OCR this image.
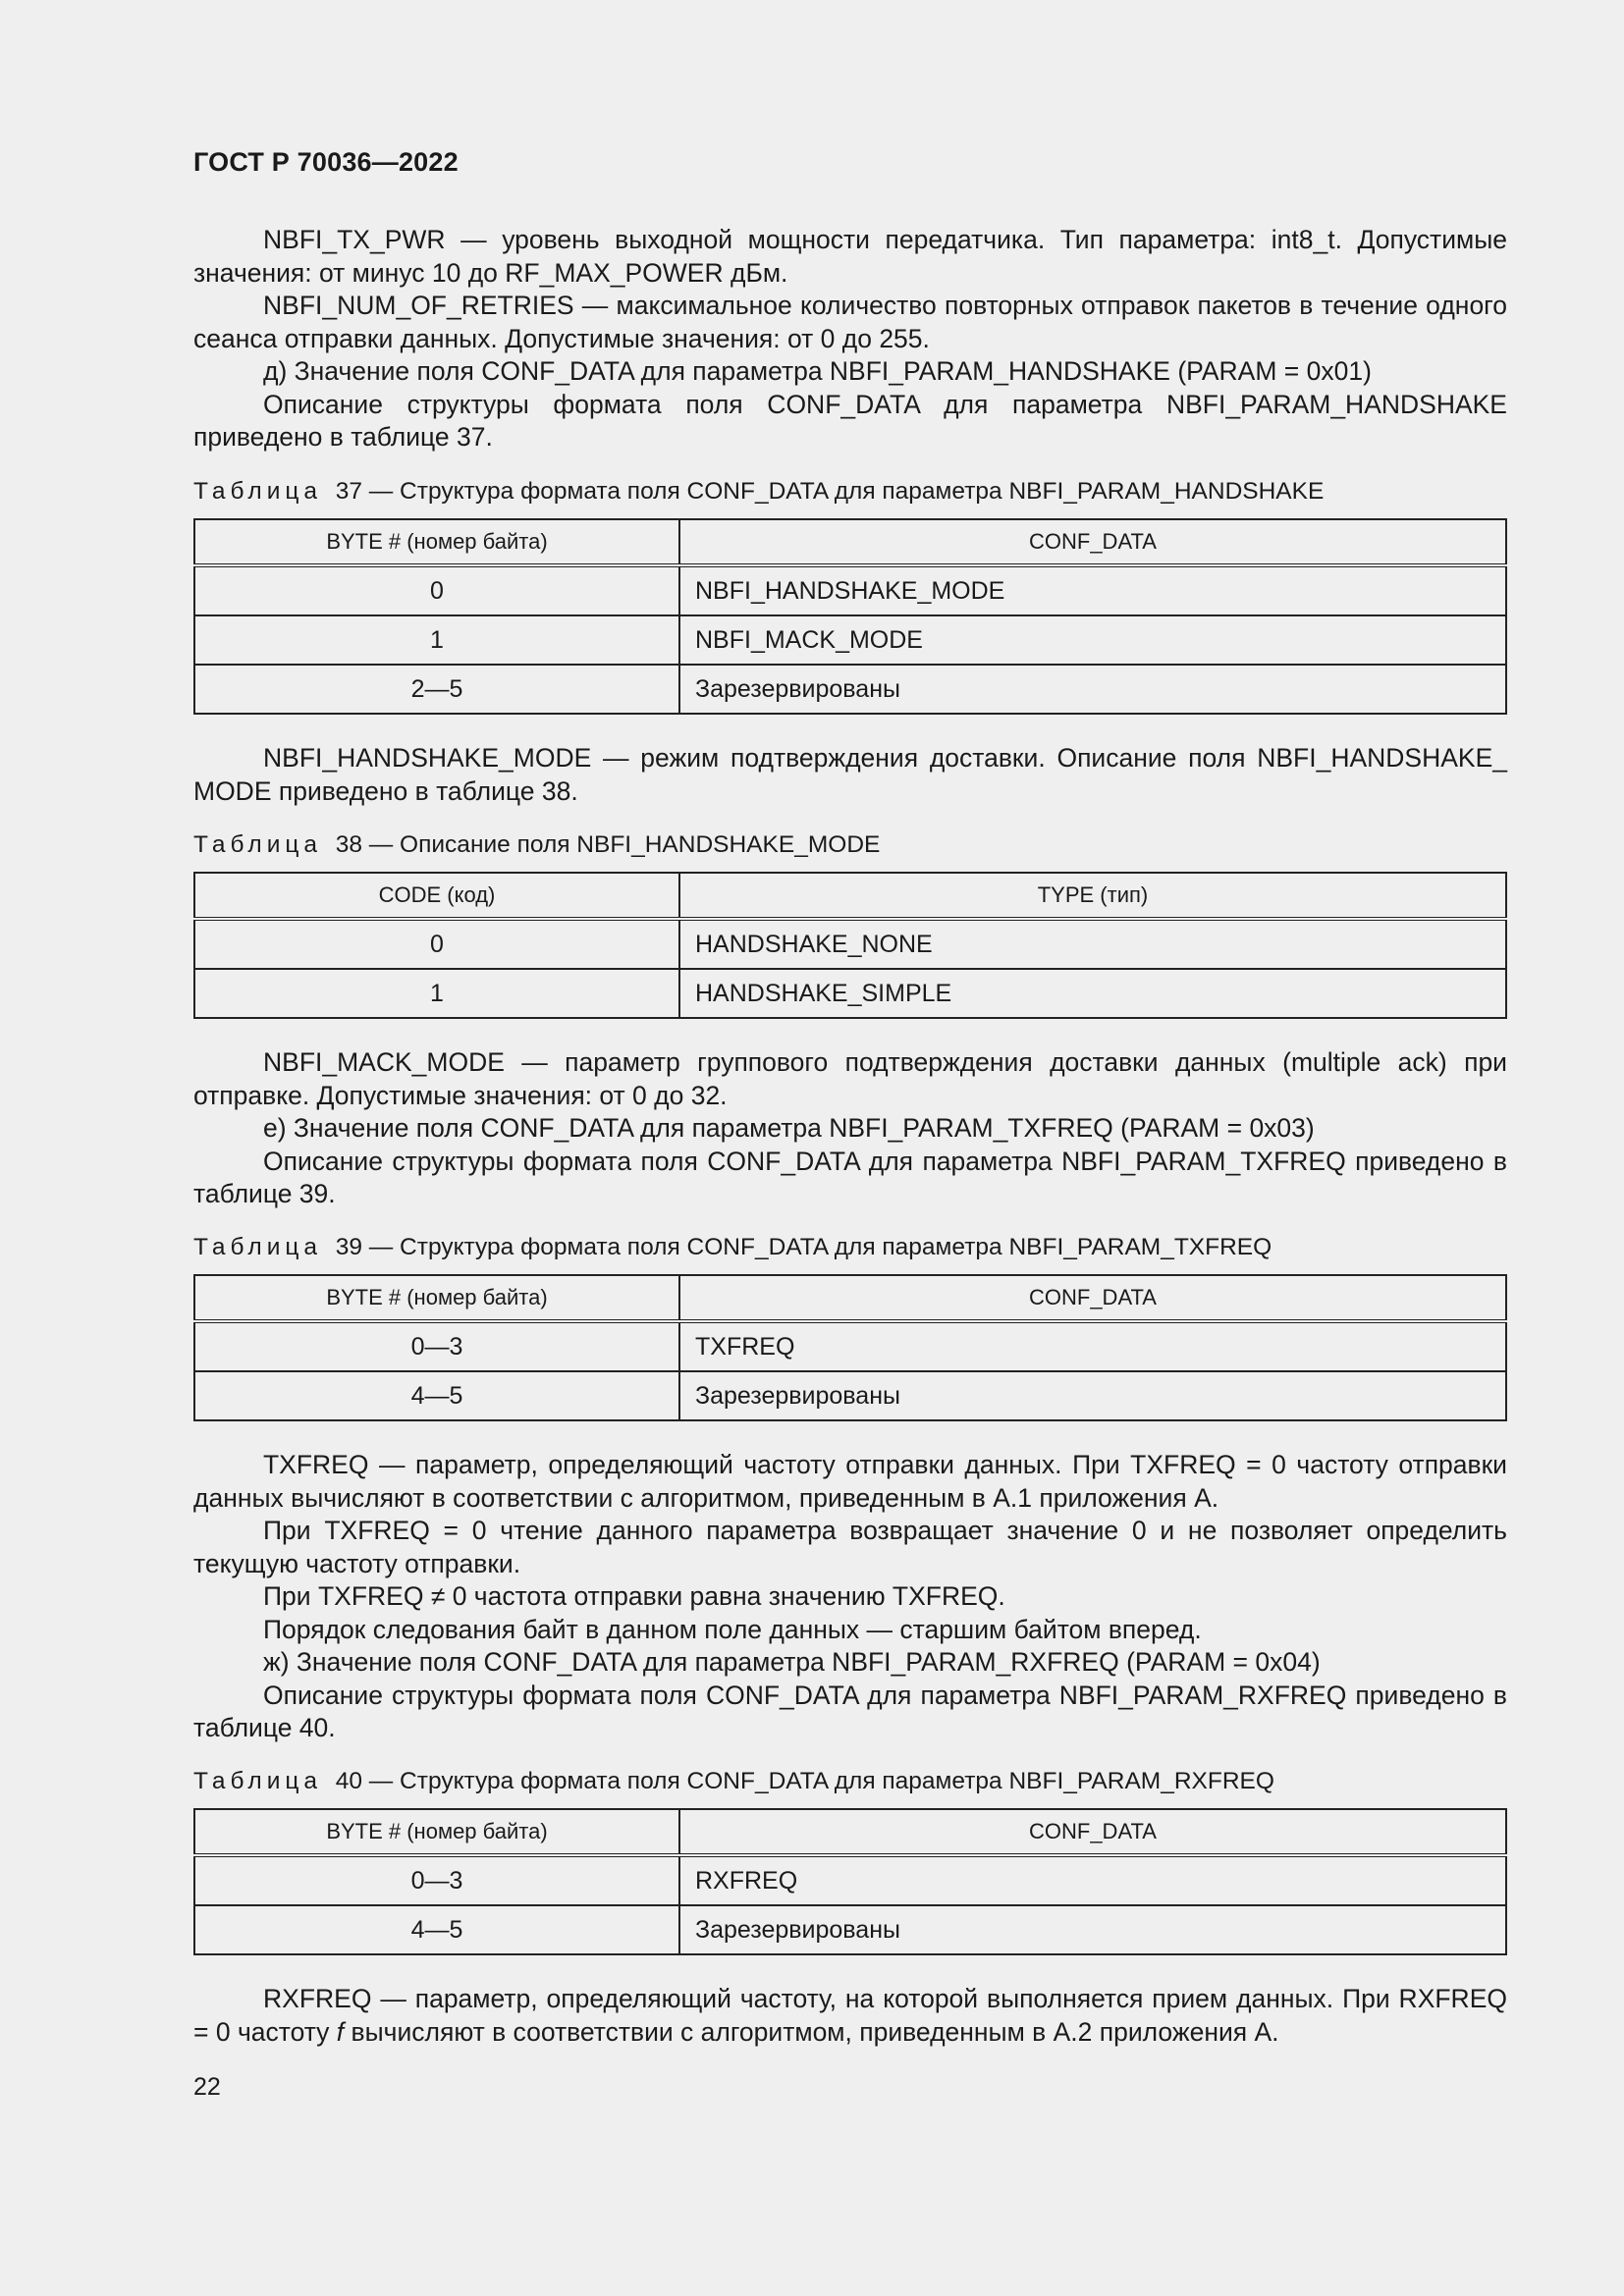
ГОСТ Р 70036—2022

NBFI_TX_PWR — уровень выходной мощности передатчика. Тип параметра: int8_t. Допустимые значения: от минус 10 до RF_MAX_POWER дБм.

NBFI_NUM_OF_RETRIES — максимальное количество повторных отправок пакетов в течение одного сеанса отправки данных. Допустимые значения: от 0 до 255.

д) Значение поля CONF_DATA для параметра NBFI_PARAM_HANDSHAKE (PARAM = 0x01)

Описание структуры формата поля CONF_DATA для параметра NBFI_PARAM_HANDSHAKE приведено в таблице 37.

Таблица 37 — Структура формата поля CONF_DATA для параметра NBFI_PARAM_HANDSHAKE
BYTE # (номер байта)	CONF_DATA
0	NBFI_HANDSHAKE_MODE
1	NBFI_MACK_MODE
2—5	Зарезервированы

NBFI_HANDSHAKE_MODE — режим подтверждения доставки. Описание поля NBFI_HANDSHAKE_ MODE приведено в таблице 38.

Таблица 38 — Описание поля NBFI_HANDSHAKE_MODE
CODE (код)	TYPE (тип)
0	HANDSHAKE_NONE
1	HANDSHAKE_SIMPLE

NBFI_MACK_MODE — параметр группового подтверждения доставки данных (multiple ack) при отправке. Допустимые значения: от 0 до 32.

е) Значение поля CONF_DATA для параметра NBFI_PARAM_TXFREQ (PARAM = 0x03)

Описание структуры формата поля CONF_DATA для параметра NBFI_PARAM_TXFREQ приведено в таблице 39.

Таблица 39 — Структура формата поля CONF_DATA для параметра NBFI_PARAM_TXFREQ
BYTE # (номер байта)	CONF_DATA
0—3	TXFREQ
4—5	Зарезервированы

TXFREQ — параметр, определяющий частоту отправки данных. При TXFREQ = 0 частоту отправки данных вычисляют в соответствии с алгоритмом, приведенным в А.1 приложения А.

При TXFREQ = 0 чтение данного параметра возвращает значение 0 и не позволяет определить текущую частоту отправки.

При TXFREQ ≠ 0 частота отправки равна значению TXFREQ.

Порядок следования байт в данном поле данных — старшим байтом вперед.

ж) Значение поля CONF_DATA для параметра NBFI_PARAM_RXFREQ (PARAM = 0x04)

Описание структуры формата поля CONF_DATA для параметра NBFI_PARAM_RXFREQ приведено в таблице 40.

Таблица 40 — Структура формата поля CONF_DATA для параметра NBFI_PARAM_RXFREQ
BYTE # (номер байта)	CONF_DATA
0—3	RXFREQ
4—5	Зарезервированы

RXFREQ — параметр, определяющий частоту, на которой выполняется прием данных. При RXFREQ = 0 частоту f вычисляют в соответствии с алгоритмом, приведенным в А.2 приложения А.

22
